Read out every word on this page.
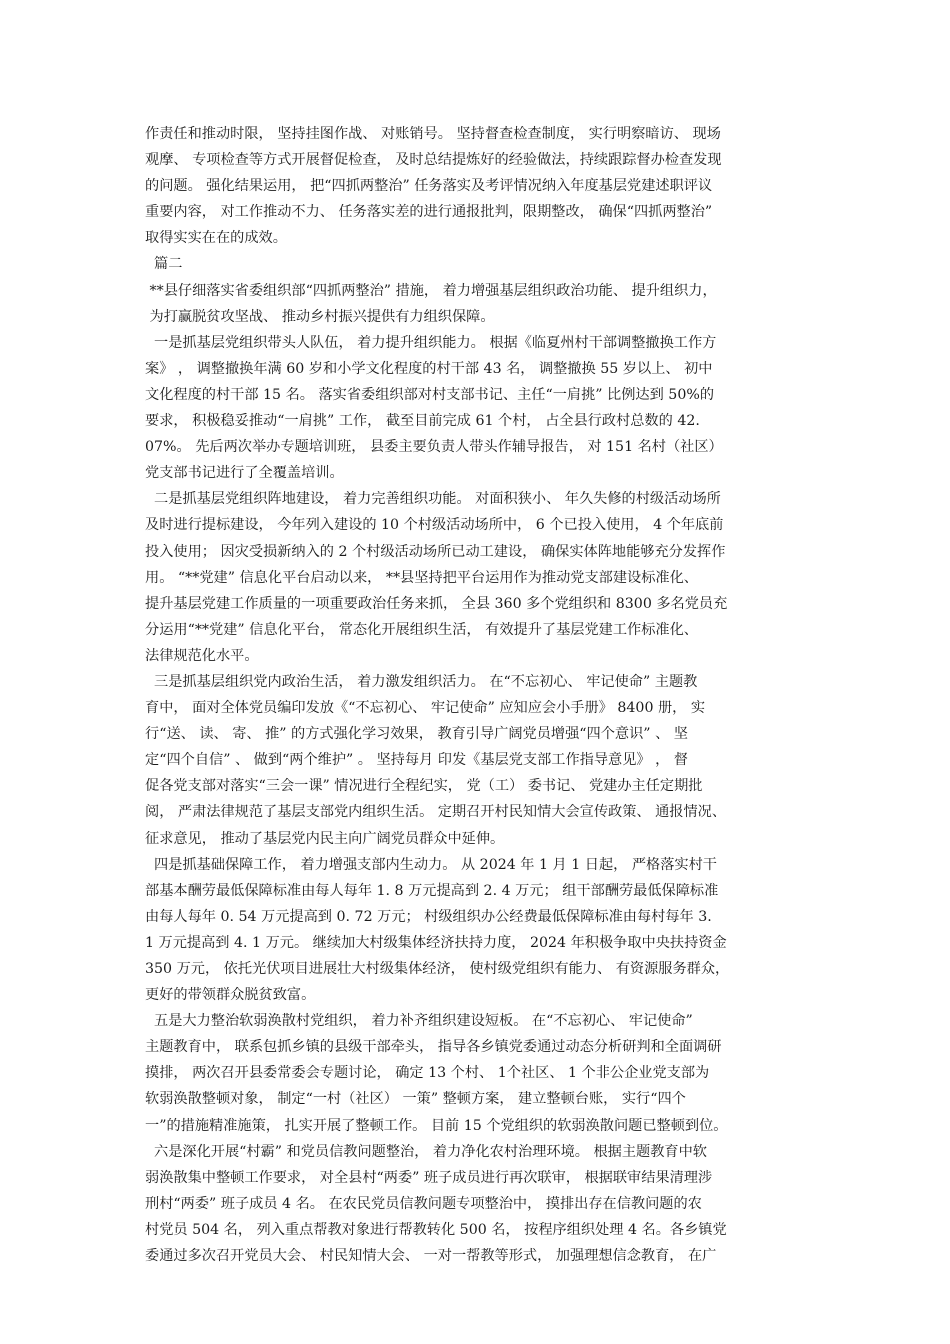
作责任和推动时限， 坚持挂图作战、 对账销号。 坚持督查检查制度， 实行明察暗访、 现场
观摩、 专项检查等方式开展督促检查， 及时总结提炼好的经验做法，持续跟踪督办检查发现
的问题。 强化结果运用， 把“四抓两整治” 任务落实及考评情况纳入年度基层党建述职评议
重要内容， 对工作推动不力、 任务落实差的进行通报批判，限期整改， 确保“四抓两整治”
取得实实在在的成效。
篇二
**县仔细落实省委组织部“四抓两整治” 措施， 着力增强基层组织政治功能、 提升组织力，
为打赢脱贫攻坚战、 推动乡村振兴提供有力组织保障。
一是抓基层党组织带头人队伍， 着力提升组织能力。 根据《临夏州村干部调整撤换工作方
案》 ， 调整撤换年满 60 岁和小学文化程度的村干部 43 名， 调整撤换 55 岁以上、 初中
文化程度的村干部 15 名。 落实省委组织部对村支部书记、主任“一肩挑” 比例达到 50%的
要求， 积极稳妥推动“一肩挑” 工作， 截至目前完成 61 个村， 占全县行政村总数的 42.
07%。 先后两次举办专题培训班， 县委主要负责人带头作辅导报告， 对 151 名村（社区）
党支部书记进行了全覆盖培训。
二是抓基层党组织阵地建设， 着力完善组织功能。 对面积狭小、 年久失修的村级活动场所
及时进行提标建设， 今年列入建设的 10 个村级活动场所中， 6 个已投入使用， 4 个年底前
投入使用； 因灾受损新纳入的 2 个村级活动场所已动工建设， 确保实体阵地能够充分发挥作
用。 “**党建” 信息化平台启动以来， **县坚持把平台运用作为推动党支部建设标准化、
提升基层党建工作质量的一项重要政治任务来抓， 全县 360 多个党组织和 8300 多名党员充
分运用“**党建” 信息化平台， 常态化开展组织生活， 有效提升了基层党建工作标准化、
法律规范化水平。
三是抓基层组织党内政治生活， 着力激发组织活力。 在“不忘初心、 牢记使命” 主题教
育中， 面对全体党员编印发放《“不忘初心、 牢记使命” 应知应会小手册》 8400 册， 实
行“送、 读、 寄、 推” 的方式强化学习效果， 教育引导广阔党员增强“四个意识” 、 坚
定“四个自信” 、 做到“两个维护” 。 坚持每月 印发《基层党支部工作指导意见》 ， 督
促各党支部对落实“三会一课” 情况进行全程纪实， 党（工） 委书记、 党建办主任定期批
阅， 严肃法律规范了基层支部党内组织生活。 定期召开村民知情大会宣传政策、 通报情况、
征求意见， 推动了基层党内民主向广阔党员群众中延伸。
四是抓基础保障工作， 着力增强支部内生动力。 从 2024 年 1 月 1 日起， 严格落实村干
部基本酬劳最低保障标准由每人每年 1. 8 万元提高到 2. 4 万元； 组干部酬劳最低保障标准
由每人每年 0. 54 万元提高到 0. 72 万元； 村级组织办公经费最低保障标准由每村每年 3.
1 万元提高到 4. 1 万元。 继续加大村级集体经济扶持力度， 2024 年积极争取中央扶持资金
350 万元， 依托光伏项目进展壮大村级集体经济， 使村级党组织有能力、 有资源服务群众，
更好的带领群众脱贫致富。
五是大力整治软弱涣散村党组织， 着力补齐组织建设短板。 在“不忘初心、 牢记使命”
主题教育中， 联系包抓乡镇的县级干部牵头， 指导各乡镇党委通过动态分析研判和全面调研
摸排， 两次召开县委常委会专题讨论， 确定 13 个村、 1个社区、 1 个非公企业党支部为
软弱涣散整顿对象， 制定“一村（社区） 一策” 整顿方案， 建立整顿台账， 实行“四个
一”的措施精准施策， 扎实开展了整顿工作。 目前 15 个党组织的软弱涣散问题已整顿到位。
六是深化开展“村霸” 和党员信教问题整治， 着力净化农村治理环境。 根据主题教育中软
弱涣散集中整顿工作要求， 对全县村“两委” 班子成员进行再次联审， 根据联审结果清理涉
刑村“两委” 班子成员 4 名。 在农民党员信教问题专项整治中， 摸排出存在信教问题的农
村党员 504 名， 列入重点帮教对象进行帮教转化 500 名， 按程序组织处理 4 名。各乡镇党
委通过多次召开党员大会、 村民知情大会、 一对一帮教等形式， 加强理想信念教育， 在广
